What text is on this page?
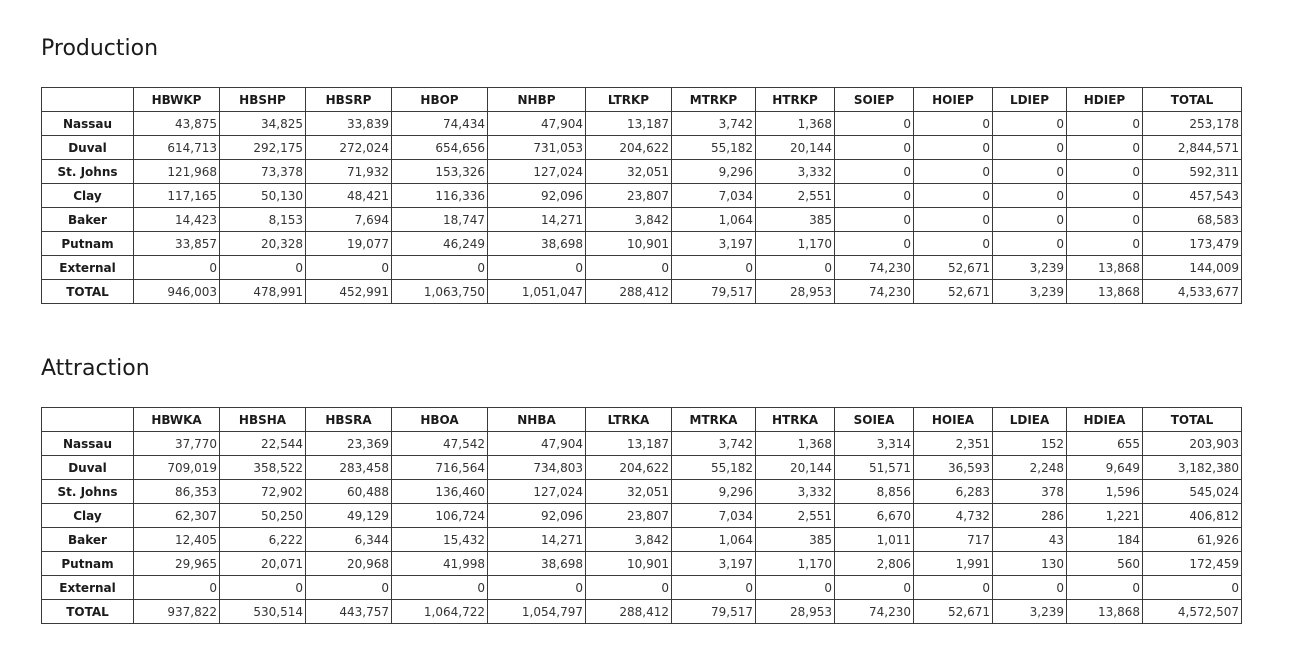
Production
	HBWKP	HBSHP	HBSRP	HBOP	NHBP	LTRKP	MTRKP	HTRKP	SOIEP	HOIEP	LDIEP	HDIEP	TOTAL
Nassau	43,875	34,825	33,839	74,434	47,904	13,187	3,742	1,368	0	0	0	0	253,178
Duval	614,713	292,175	272,024	654,656	731,053	204,622	55,182	20,144	0	0	0	0	2,844,571
St. Johns	121,968	73,378	71,932	153,326	127,024	32,051	9,296	3,332	0	0	0	0	592,311
Clay	117,165	50,130	48,421	116,336	92,096	23,807	7,034	2,551	0	0	0	0	457,543
Baker	14,423	8,153	7,694	18,747	14,271	3,842	1,064	385	0	0	0	0	68,583
Putnam	33,857	20,328	19,077	46,249	38,698	10,901	3,197	1,170	0	0	0	0	173,479
External	0	0	0	0	0	0	0	0	74,230	52,671	3,239	13,868	144,009
TOTAL	946,003	478,991	452,991	1,063,750	1,051,047	288,412	79,517	28,953	74,230	52,671	3,239	13,868	4,533,677
Attraction
	HBWKA	HBSHA	HBSRA	HBOA	NHBA	LTRKA	MTRKA	HTRKA	SOIEA	HOIEA	LDIEA	HDIEA	TOTAL
Nassau	37,770	22,544	23,369	47,542	47,904	13,187	3,742	1,368	3,314	2,351	152	655	203,903
Duval	709,019	358,522	283,458	716,564	734,803	204,622	55,182	20,144	51,571	36,593	2,248	9,649	3,182,380
St. Johns	86,353	72,902	60,488	136,460	127,024	32,051	9,296	3,332	8,856	6,283	378	1,596	545,024
Clay	62,307	50,250	49,129	106,724	92,096	23,807	7,034	2,551	6,670	4,732	286	1,221	406,812
Baker	12,405	6,222	6,344	15,432	14,271	3,842	1,064	385	1,011	717	43	184	61,926
Putnam	29,965	20,071	20,968	41,998	38,698	10,901	3,197	1,170	2,806	1,991	130	560	172,459
External	0	0	0	0	0	0	0	0	0	0	0	0	0
TOTAL	937,822	530,514	443,757	1,064,722	1,054,797	288,412	79,517	28,953	74,230	52,671	3,239	13,868	4,572,507
